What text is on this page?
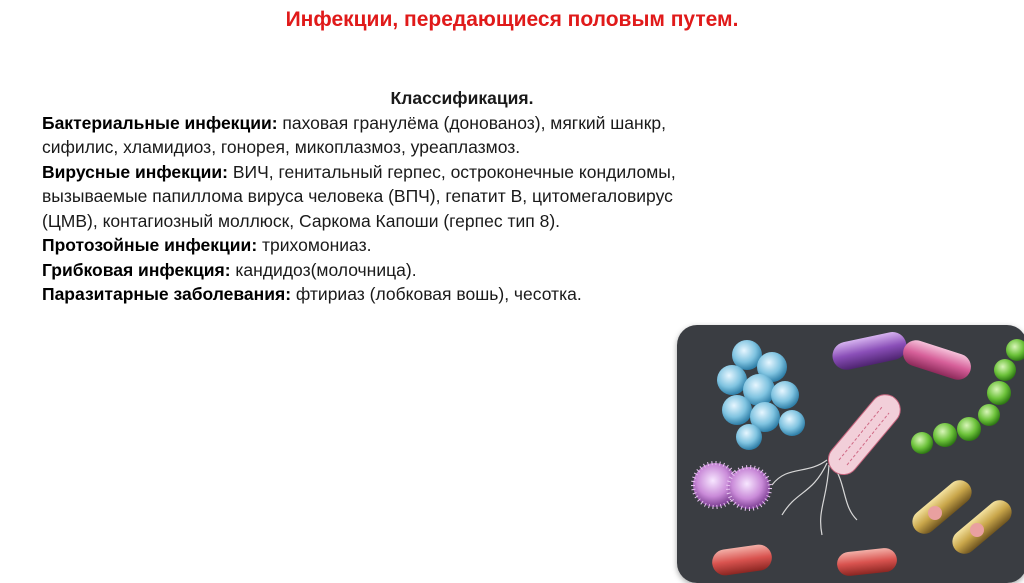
Инфекции, передающиеся половым путем.
Классификация.
Бактериальные инфекции: паховая гранулёма (донованоз), мягкий шанкр,
сифилис, хламидиоз, гонорея, микоплазмоз, уреаплазмоз.
Вирусные инфекции: ВИЧ, генитальный герпес, остроконечные кондиломы,
вызываемые папиллома вируса человека (ВПЧ), гепатит В, цитомегаловирус
(ЦМВ), контагиозный моллюск, Саркома Капоши (герпес тип 8).
Протозойные инфекции: трихомониаз.
Грибковая инфекция: кандидоз(молочница).
Паразитарные заболевания: фтириаз (лобковая вошь), чесотка.
